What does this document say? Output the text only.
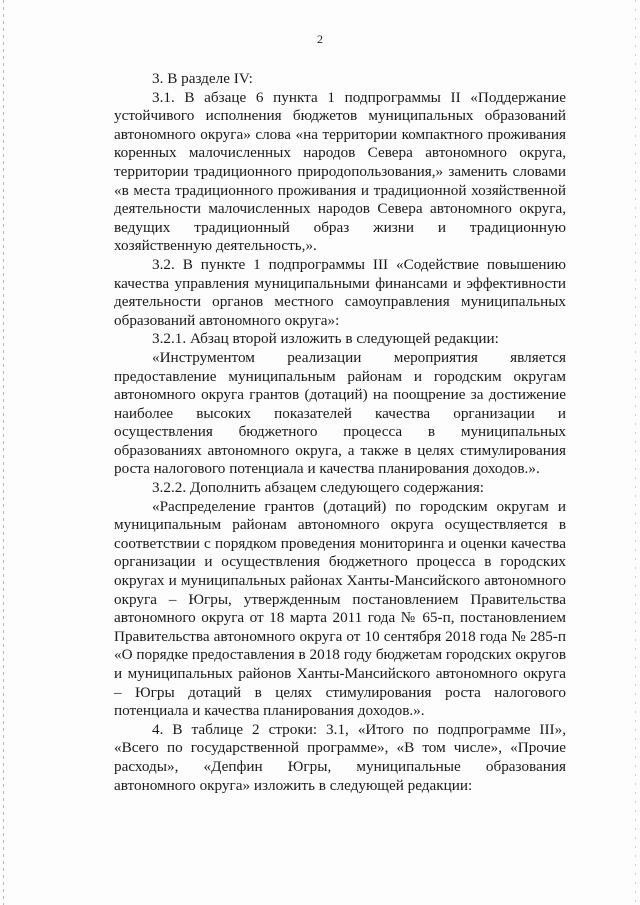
2

3. В разделе IV:

3.1. В абзаце 6 пункта 1 подпрограммы II «Поддержание устойчивого исполнения бюджетов муниципальных образований автономного округа» слова «на территории компактного проживания коренных малочисленных народов Севера автономного округа, территории традиционного природопользования,» заменить словами «в места традиционного проживания и традиционной хозяйственной деятельности малочисленных народов Севера автономного округа, ведущих традиционный образ жизни и традиционную хозяйственную деятельность,».

3.2. В пункте 1 подпрограммы III «Содействие повышению качества управления муниципальными финансами и эффективности деятельности органов местного самоуправления муниципальных образований автономного округа»:

3.2.1. Абзац второй изложить в следующей редакции:

«Инструментом реализации мероприятия является предоставление муниципальным районам и городским округам автономного округа грантов (дотаций) на поощрение за достижение наиболее высоких показателей качества организации и осуществления бюджетного процесса в муниципальных образованиях автономного округа, а также в целях стимулирования роста налогового потенциала и качества планирования доходов.».

3.2.2. Дополнить абзацем следующего содержания:

«Распределение грантов (дотаций) по городским округам и муниципальным районам автономного округа осуществляется в соответствии с порядком проведения мониторинга и оценки качества организации и осуществления бюджетного процесса в городских округах и муниципальных районах Ханты-Мансийского автономного округа – Югры, утвержденным постановлением Правительства автономного округа от 18 марта 2011 года № 65-п, постановлением Правительства автономного округа от 10 сентября 2018 года № 285-п «О порядке предоставления в 2018 году бюджетам городских округов и муниципальных районов Ханты-Мансийского автономного округа – Югры дотаций в целях стимулирования роста налогового потенциала и качества планирования доходов.».

4. В таблице 2 строки: 3.1, «Итого по подпрограмме III», «Всего по государственной программе», «В том числе», «Прочие расходы», «Депфин Югры, муниципальные образования автономного округа» изложить в следующей редакции:
